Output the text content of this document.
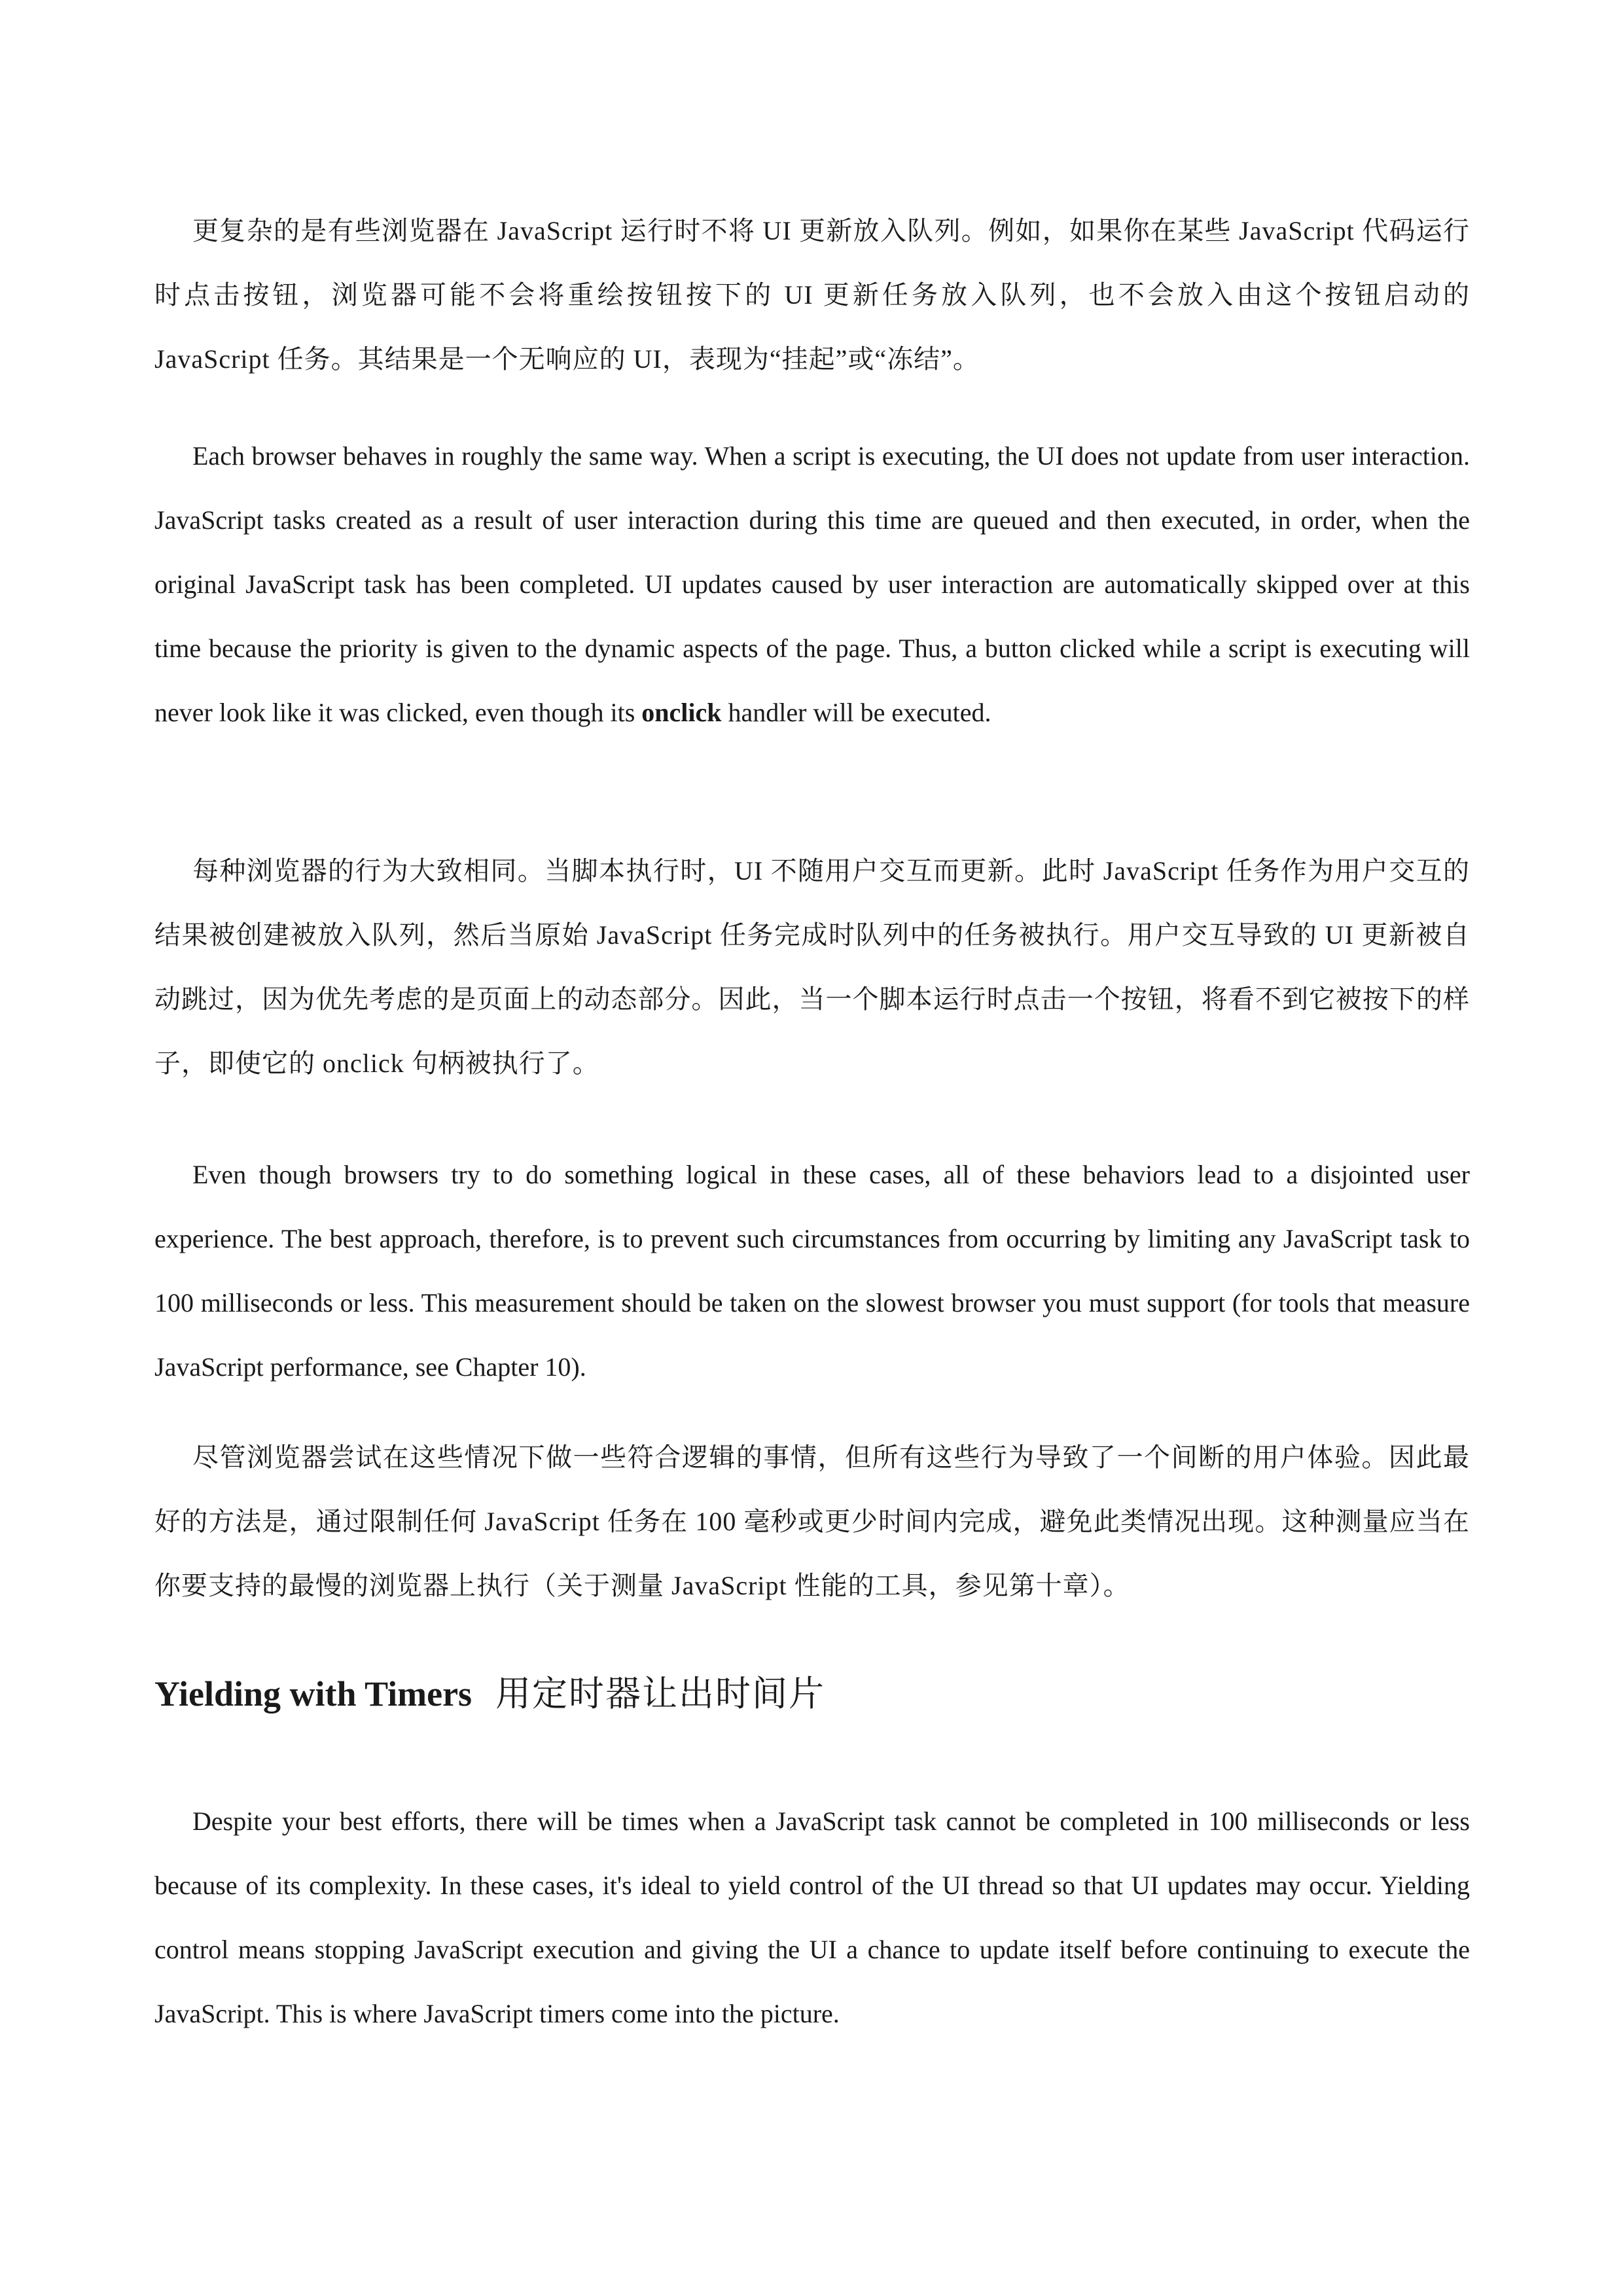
更复杂的是有些浏览器在 JavaScript 运行时不将 UI 更新放入队列。例如，如果你在某些 JavaScript 代码运行时点击按钮，浏览器可能不会将重绘按钮按下的 UI 更新任务放入队列，也不会放入由这个按钮启动的 JavaScript 任务。其结果是一个无响应的 UI，表现为“挂起”或“冻结”。

Each browser behaves in roughly the same way. When a script is executing, the UI does not update from user interaction. JavaScript tasks created as a result of user interaction during this time are queued and then executed, in order, when the original JavaScript task has been completed. UI updates caused by user interaction are automatically skipped over at this time because the priority is given to the dynamic aspects of the page. Thus, a button clicked while a script is executing will never look like it was clicked, even though its onclick handler will be executed.

每种浏览器的行为大致相同。当脚本执行时，UI 不随用户交互而更新。此时 JavaScript 任务作为用户交互的结果被创建被放入队列，然后当原始 JavaScript 任务完成时队列中的任务被执行。用户交互导致的 UI 更新被自动跳过，因为优先考虑的是页面上的动态部分。因此，当一个脚本运行时点击一个按钮，将看不到它被按下的样子，即使它的 onclick 句柄被执行了。

Even though browsers try to do something logical in these cases, all of these behaviors lead to a disjointed user experience. The best approach, therefore, is to prevent such circumstances from occurring by limiting any JavaScript task to 100 milliseconds or less. This measurement should be taken on the slowest browser you must support (for tools that measure JavaScript performance, see Chapter 10).

尽管浏览器尝试在这些情况下做一些符合逻辑的事情，但所有这些行为导致了一个间断的用户体验。因此最好的方法是，通过限制任何 JavaScript 任务在 100 毫秒或更少时间内完成，避免此类情况出现。这种测量应当在你要支持的最慢的浏览器上执行（关于测量 JavaScript 性能的工具，参见第十章）。

Yielding with Timers 用定时器让出时间片

Despite your best efforts, there will be times when a JavaScript task cannot be completed in 100 milliseconds or less because of its complexity. In these cases, it's ideal to yield control of the UI thread so that UI updates may occur. Yielding control means stopping JavaScript execution and giving the UI a chance to update itself before continuing to execute the JavaScript. This is where JavaScript timers come into the picture.
